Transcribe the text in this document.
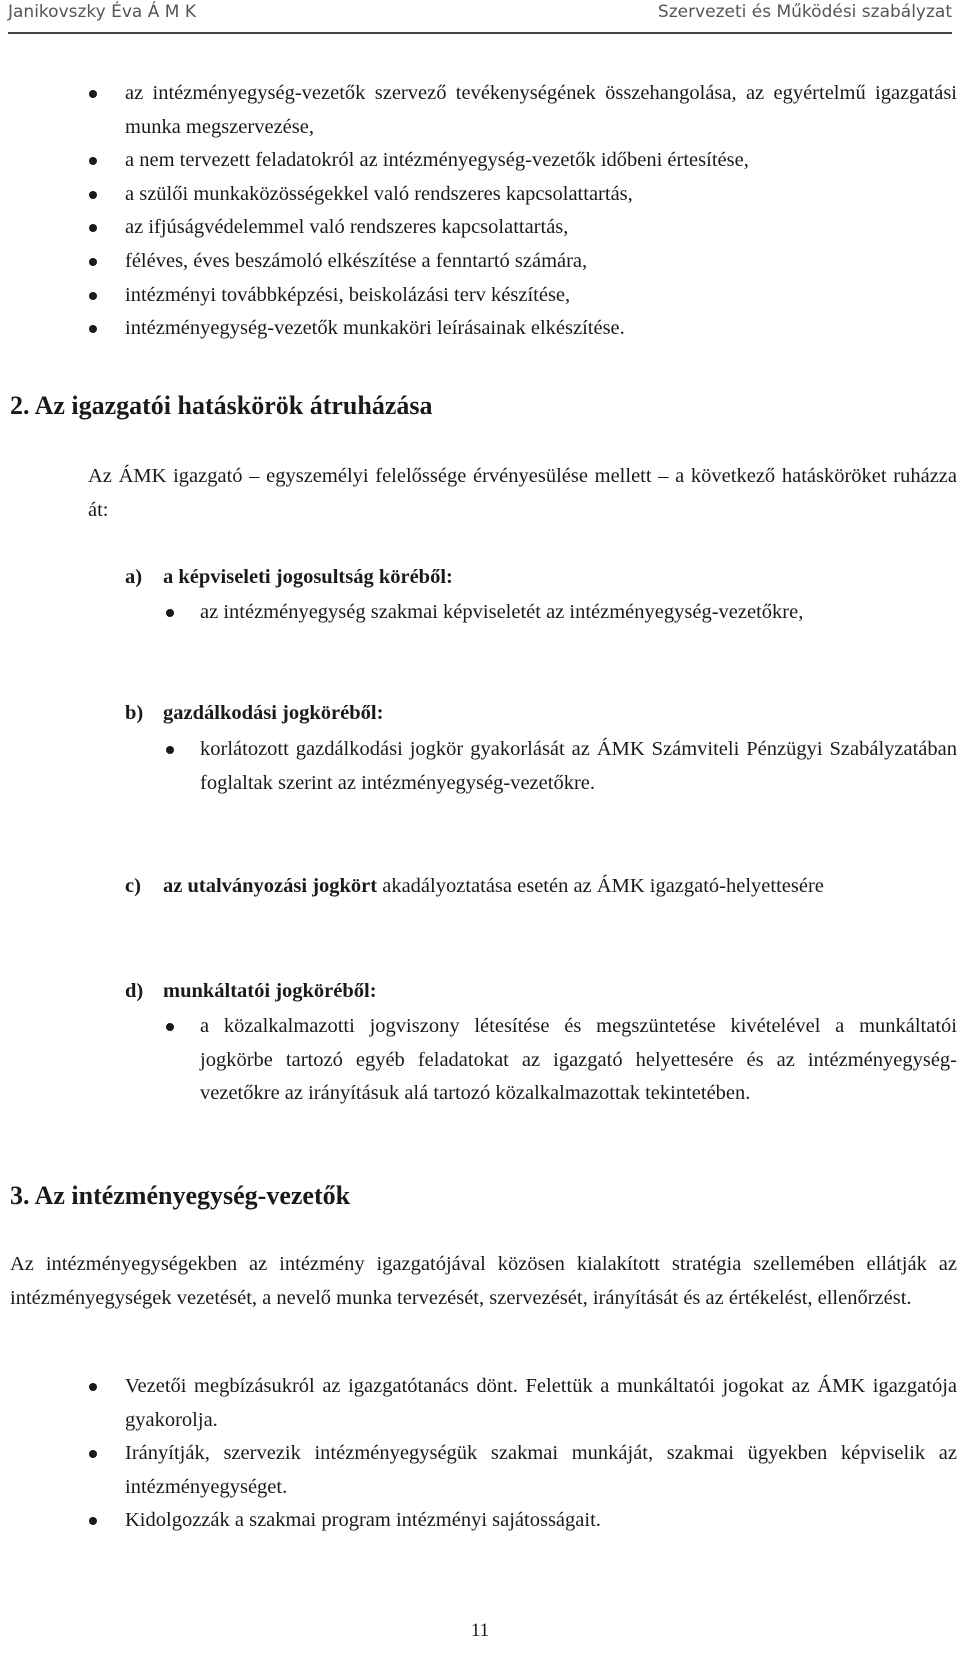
Janikovszky Éva Á M K	Szervezeti és Működési szabályzat
az intézményegység-vezetők szervező tevékenységének összehangolása, az egyértelmű igazgatási munka megszervezése,
a nem tervezett feladatokról az intézményegység-vezetők időbeni értesítése,
a szülői munkaközösségekkel való rendszeres kapcsolattartás,
az ifjúságvédelemmel való rendszeres kapcsolattartás,
féléves, éves beszámoló elkészítése a fenntartó számára,
intézményi továbbképzési, beiskolázási terv készítése,
intézményegység-vezetők munkaköri leírásainak elkészítése.
2. Az igazgatói hatáskörök átruházása

Az ÁMK igazgató – egyszemélyi felelőssége érvényesülése mellett – a következő hatásköröket ruházza át:

a) a képviseleti jogosultság köréből:

az intézményegység szakmai képviseletét az intézményegység-vezetőkre,

b) gazdálkodási jogköréből:

korlátozott gazdálkodási jogkör gyakorlását az ÁMK Számviteli Pénzügyi Szabályzatában foglaltak szerint az intézményegység-vezetőkre.

c) az utalványozási jogkört akadályoztatása esetén az ÁMK igazgató-helyettesére

d) munkáltatói jogköréből:

a közalkalmazotti jogviszony létesítése és megszüntetése kivételével a munkáltatói jogkörbe tartozó egyéb feladatokat az igazgató helyettesére és az intézményegység-vezetőkre az irányításuk alá tartozó közalkalmazottak tekintetében.
3. Az intézményegység-vezetők

Az intézményegységekben az intézmény igazgatójával közösen kialakított stratégia szellemében ellátják az intézményegységek vezetését, a nevelő munka tervezését, szervezését, irányítását és az értékelést, ellenőrzést.

Vezetői megbízásukról az igazgatótanács dönt. Felettük a munkáltatói jogokat az ÁMK igazgatója gyakorolja.
Irányítják, szervezik intézményegységük szakmai munkáját, szakmai ügyekben képviselik az intézményegységet.
Kidolgozzák a szakmai program intézményi sajátosságait.
11
